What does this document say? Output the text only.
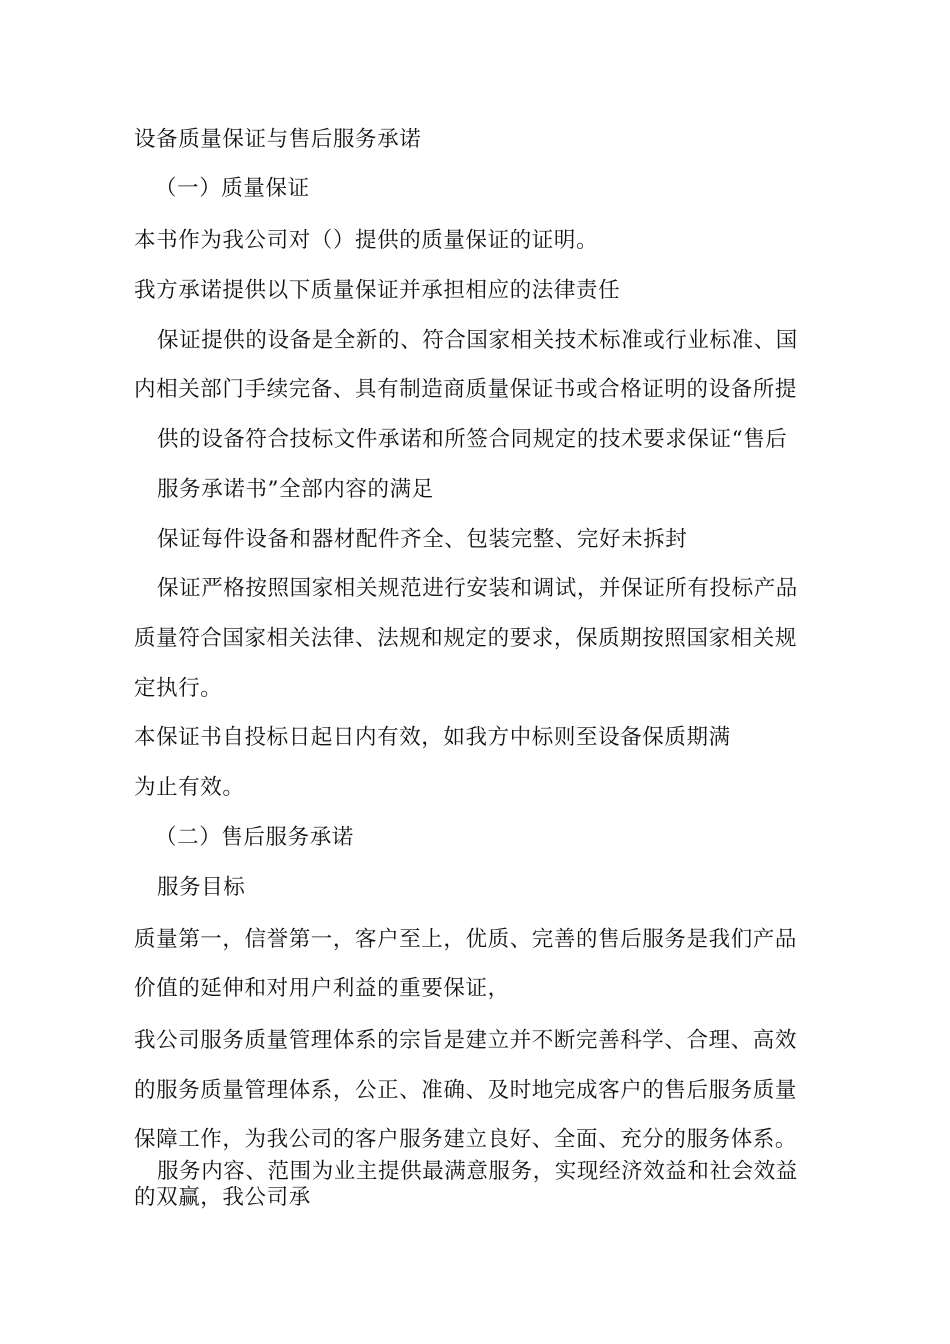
设备质量保证与售后服务承诺
（一）质量保证
本书作为我公司对（）提供的质量保证的证明。
我方承诺提供以下质量保证并承担相应的法律责任
保证提供的设备是全新的、符合国家相关技术标准或行业标准、国
内相关部门手续完备、具有制造商质量保证书或合格证明的设备所提
供的设备符合技标文件承诺和所签合同规定的技术要求保证“售后
服务承诺书”全部内容的满足
保证每件设备和器材配件齐全、包装完整、完好未拆封
保证严格按照国家相关规范进行安装和调试，并保证所有投标产品
质量符合国家相关法律、法规和规定的要求，保质期按照国家相关规
定执行。
本保证书自投标日起日内有效，如我方中标则至设备保质期满
为止有效。
（二）售后服务承诺
服务目标
质量第一，信誉第一，客户至上，优质、完善的售后服务是我们产品
价值的延伸和对用户利益的重要保证，
我公司服务质量管理体系的宗旨是建立并不断完善科学、合理、高效
的服务质量管理体系，公正、准确、及时地完成客户的售后服务质量
保障工作，为我公司的客户服务建立良好、全面、充分的服务体系。
服务内容、范围为业主提供最满意服务，实现经济效益和社会效益
的双赢，我公司承
